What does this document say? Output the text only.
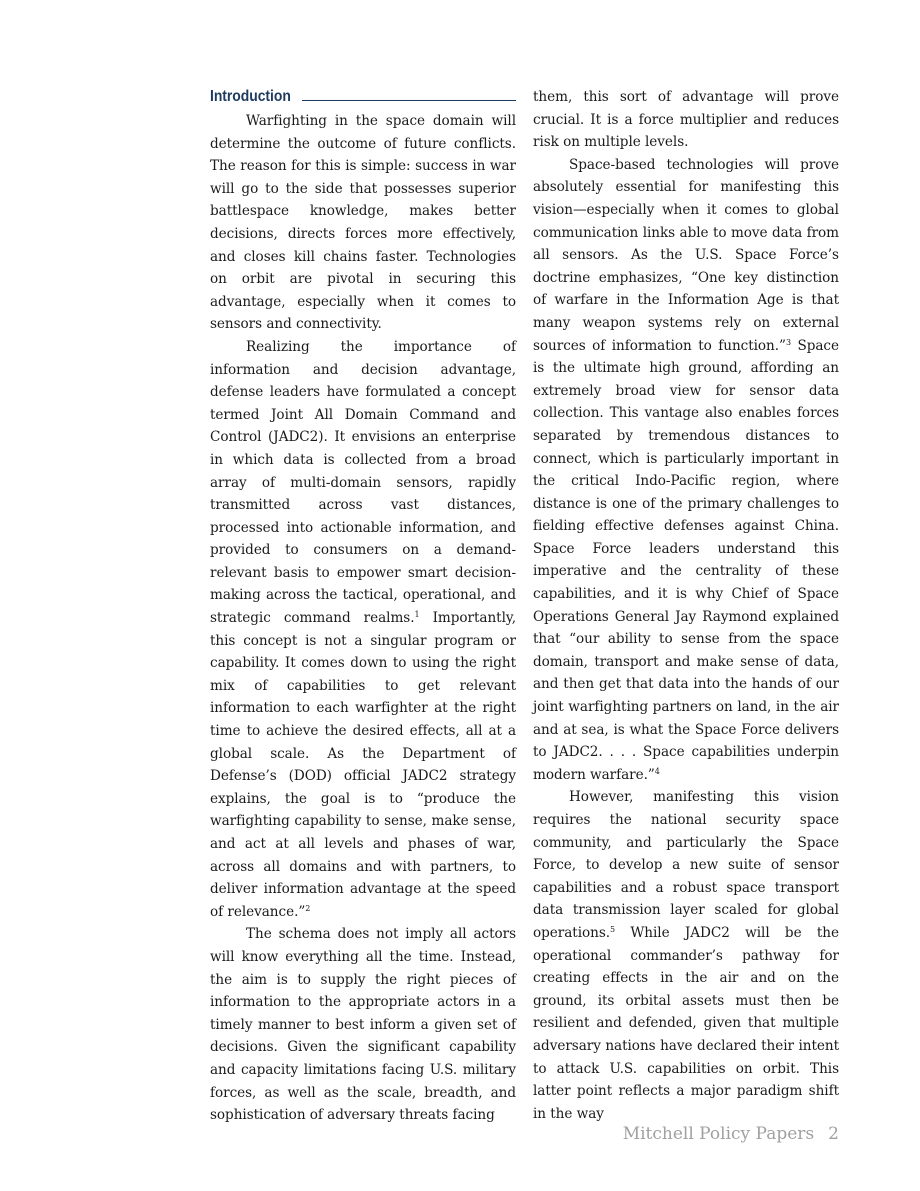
Introduction

Warfighting in the space domain will determine the outcome of future conflicts. The reason for this is simple: success in war will go to the side that possesses superior battlespace knowledge, makes better decisions, directs forces more effectively, and closes kill chains faster. Technologies on orbit are pivotal in securing this advantage, especially when it comes to sensors and connectivity.

Realizing the importance of information and decision advantage, defense leaders have formulated a concept termed Joint All Domain Command and Control (JADC2). It envisions an enterprise in which data is collected from a broad array of multi-domain sensors, rapidly transmitted across vast distances, processed into actionable information, and provided to consumers on a demand-relevant basis to empower smart decision-making across the tactical, operational, and strategic command realms.$^1$ Importantly, this concept is not a singular program or capability. It comes down to using the right mix of capabilities to get relevant information to each warfighter at the right time to achieve the desired effects, all at a global scale. As the Department of Defense’s (DOD) official JADC2 strategy explains, the goal is to “produce the warfighting capability to sense, make sense, and act at all levels and phases of war, across all domains and with partners, to deliver information advantage at the speed of relevance.”$^2$

The schema does not imply all actors will know everything all the time. Instead, the aim is to supply the right pieces of information to the appropriate actors in a timely manner to best inform a given set of decisions. Given the significant capability and capacity limitations facing U.S. military forces, as well as the scale, breadth, and sophistication of adversary threats facing

them, this sort of advantage will prove crucial. It is a force multiplier and reduces risk on multiple levels.

Space-based technologies will prove absolutely essential for manifesting this vision—especially when it comes to global communication links able to move data from all sensors. As the U.S. Space Force’s doctrine emphasizes, “One key distinction of warfare in the Information Age is that many weapon systems rely on external sources of information to function.”$^3$ Space is the ultimate high ground, affording an extremely broad view for sensor data collection. This vantage also enables forces separated by tremendous distances to connect, which is particularly important in the critical Indo-Pacific region, where distance is one of the primary challenges to fielding effective defenses against China. Space Force leaders understand this imperative and the centrality of these capabilities, and it is why Chief of Space Operations General Jay Raymond explained that “our ability to sense from the space domain, transport and make sense of data, and then get that data into the hands of our joint warfighting partners on land, in the air and at sea, is what the Space Force delivers to JADC2. . . . Space capabilities underpin modern warfare.”$^4$

However, manifesting this vision requires the national security space community, and particularly the Space Force, to develop a new suite of sensor capabilities and a robust space transport data transmission layer scaled for global operations.$^5$ While JADC2 will be the operational commander’s pathway for creating effects in the air and on the ground, its orbital assets must then be resilient and defended, given that multiple adversary nations have declared their intent to attack U.S. capabilities on orbit. This latter point reflects a major paradigm shift in the way

Mitchell Policy Papers 2
